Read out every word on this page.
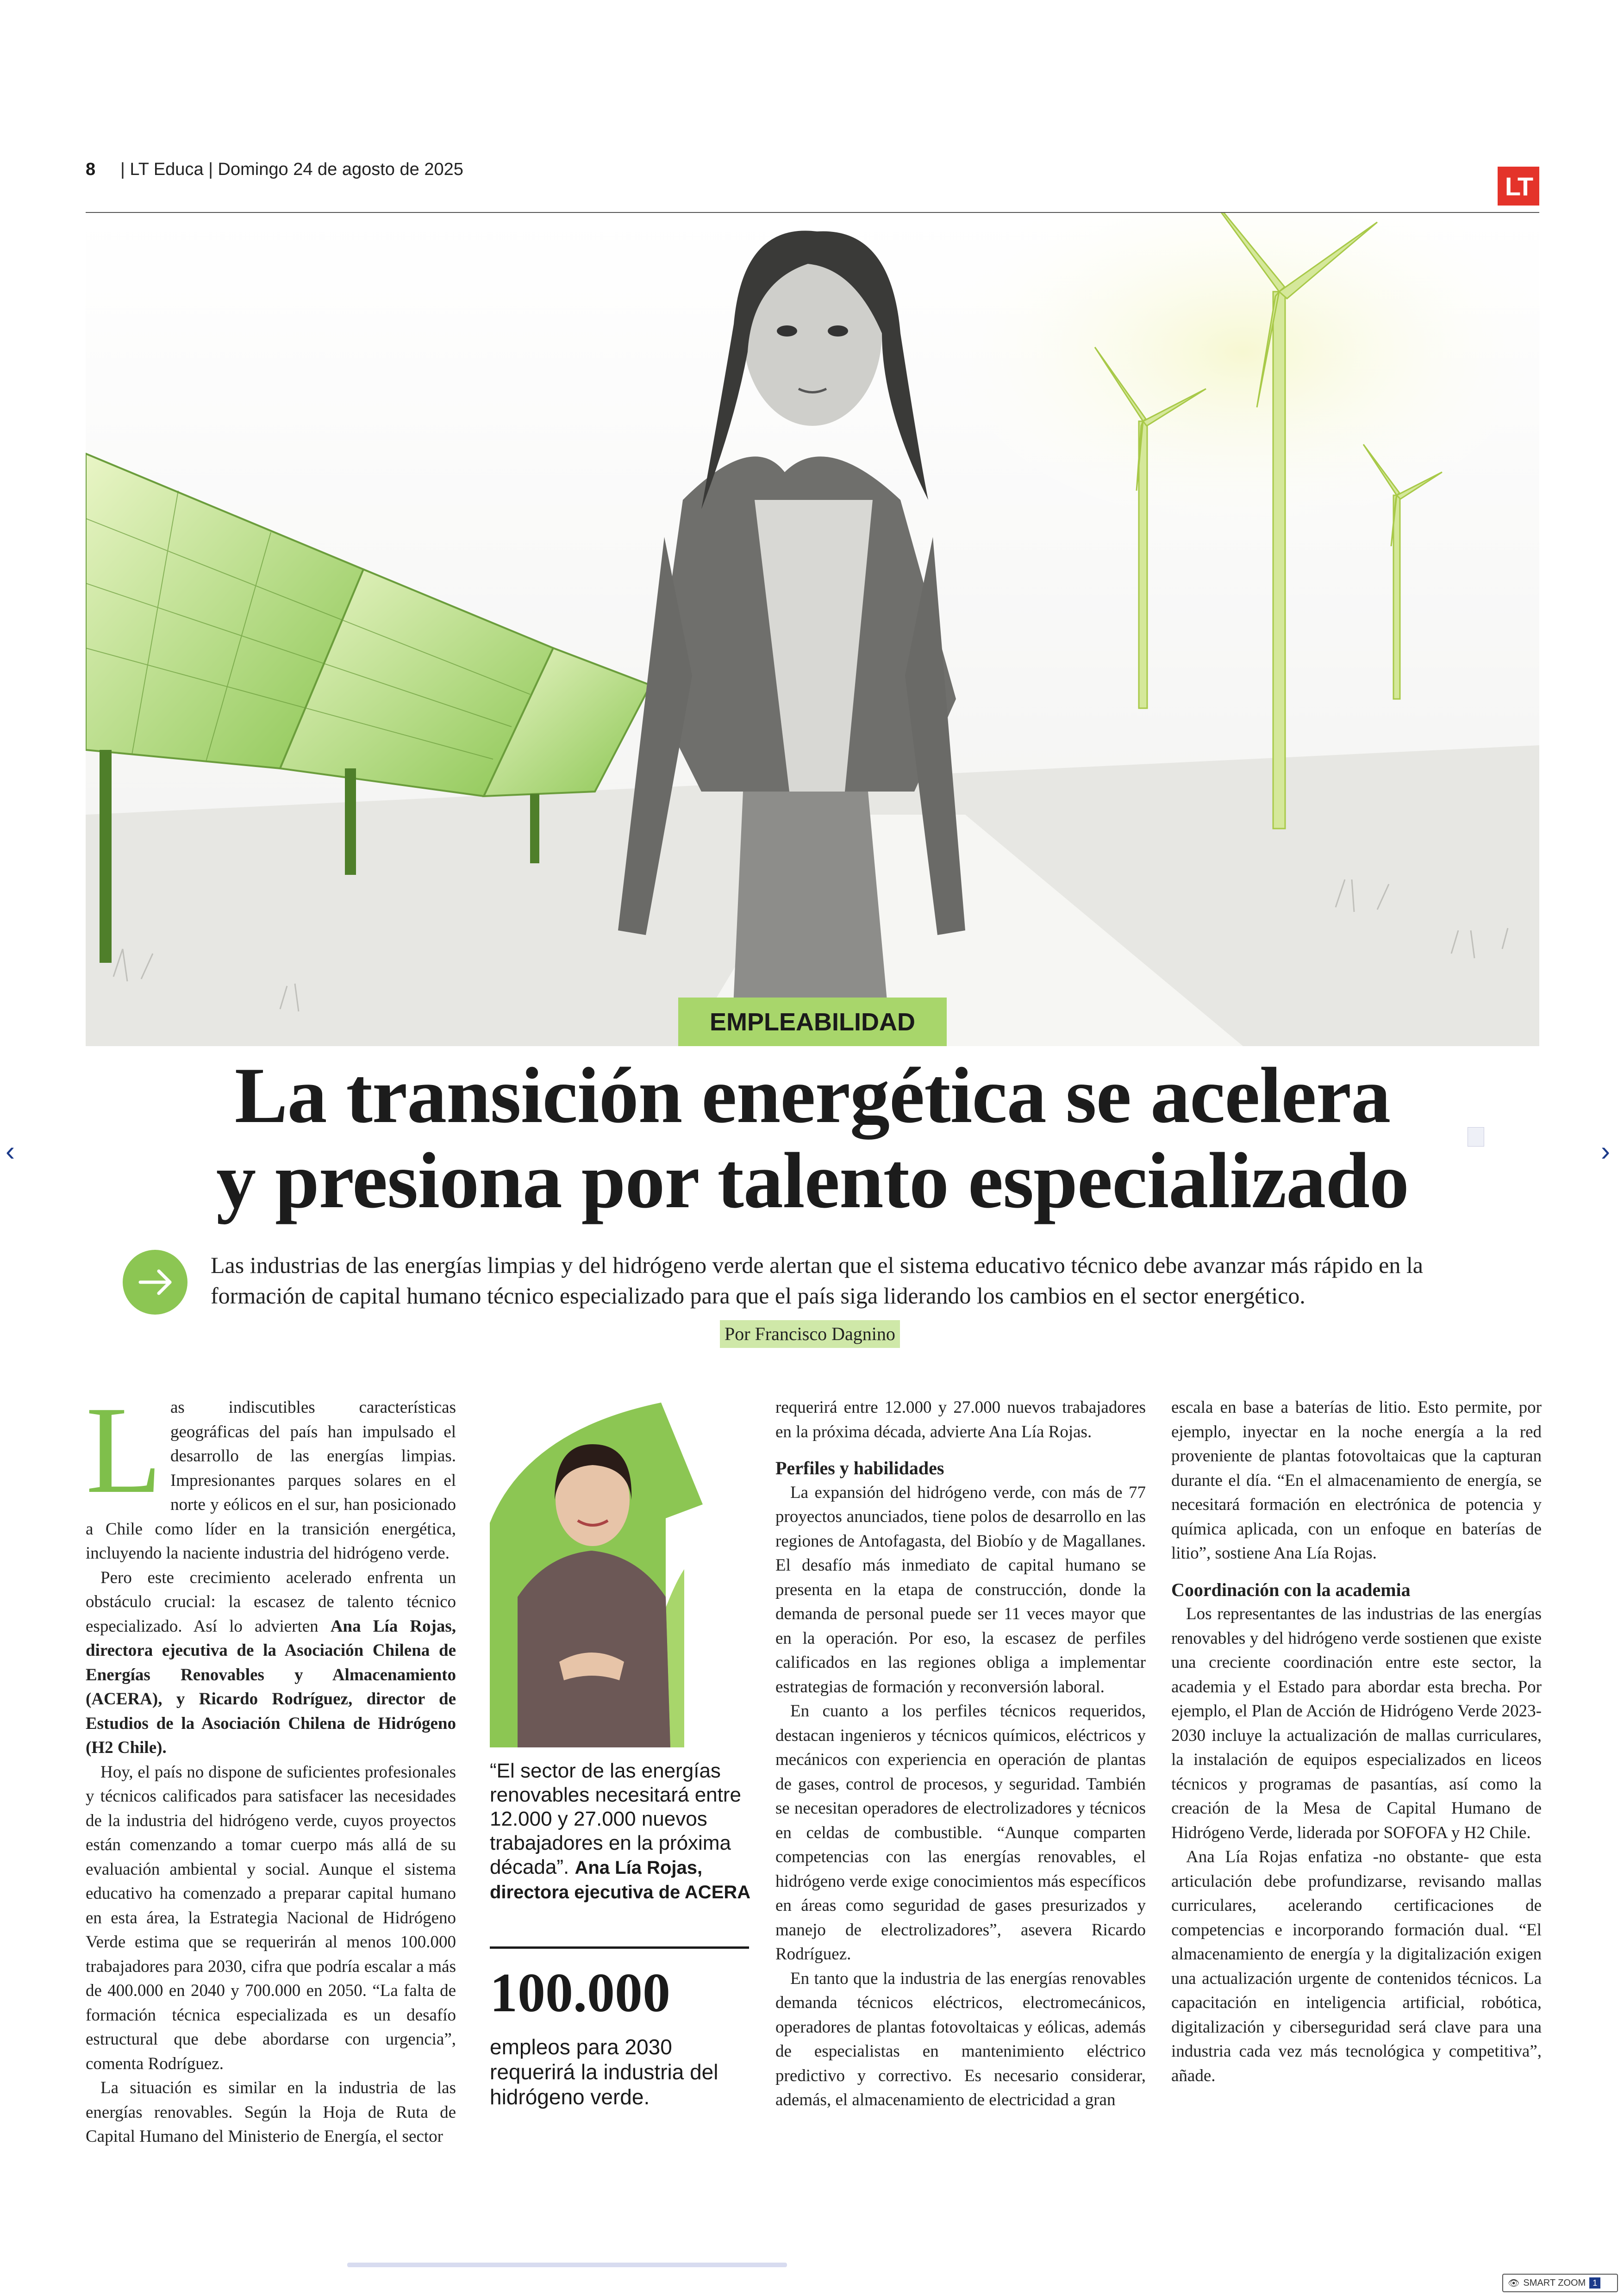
8 | LT Educa | Domingo 24 de agosto de 2025
LT
EMPLEABILIDAD
La transición energética se acelera
y presiona por talento especializado
‹	›
Las industrias de las energías limpias y del hidrógeno verde alertan que el sistema educativo técnico debe avanzar más rápido en la formación de capital humano técnico especializado para que el país siga liderando los cambios en el sector energético.
Por Francisco Dagnino
L as indiscutibles características geográficas del país han impulsado el desarrollo de las energías limpias. Impresionantes parques solares en el norte y eólicos en el sur, han posicionado a Chile como líder en la transición energética, incluyendo la naciente industria del hidrógeno verde.

Pero este crecimiento acelerado enfrenta un obstáculo crucial: la escasez de talento técnico especializado. Así lo advierten Ana Lía Rojas, directora ejecutiva de la Asociación Chilena de Energías Renovables y Almacenamiento (ACERA), y Ricardo Rodríguez, director de Estudios de la Asociación Chilena de Hidrógeno (H2 Chile).

Hoy, el país no dispone de suficientes profesionales y técnicos calificados para satisfacer las necesidades de la industria del hidrógeno verde, cuyos proyectos están comenzando a tomar cuerpo más allá de su evaluación ambiental y social. Aunque el sistema educativo ha comenzado a preparar capital humano en esta área, la Estrategia Nacional de Hidrógeno Verde estima que se requerirán al menos 100.000 trabajadores para 2030, cifra que podría escalar a más de 400.000 en 2040 y 700.000 en 2050. “La falta de formación técnica especializada es un desafío estructural que debe abordarse con urgencia”, comenta Rodríguez.

La situación es similar en la industria de las energías renovables. Según la Hoja de Ruta de Capital Humano del Ministerio de Energía, el sector

“El sector de las energías renovables necesitará entre 12.000 y 27.000 nuevos trabajadores en la próxima década”. Ana Lía Rojas, directora ejecutiva de ACERA
100.000
empleos para 2030 requerirá la industria del hidrógeno verde.

requerirá entre 12.000 y 27.000 nuevos trabajadores en la próxima década, advierte Ana Lía Rojas.

Perfiles y habilidades

La expansión del hidrógeno verde, con más de 77 proyectos anunciados, tiene polos de desarrollo en las regiones de Antofagasta, del Biobío y de Magallanes. El desafío más inmediato de capital humano se presenta en la etapa de construcción, donde la demanda de personal puede ser 11 veces mayor que en la operación. Por eso, la escasez de perfiles calificados en las regiones obliga a implementar estrategias de formación y reconversión laboral.

En cuanto a los perfiles técnicos requeridos, destacan ingenieros y técnicos químicos, eléctricos y mecánicos con experiencia en operación de plantas de gases, control de procesos, y seguridad. También se necesitan operadores de electrolizadores y técnicos en celdas de combustible. “Aunque comparten competencias con las energías renovables, el hidrógeno verde exige conocimientos más específicos en áreas como seguridad de gases presurizados y manejo de electrolizadores”, asevera Ricardo Rodríguez.

En tanto que la industria de las energías renovables demanda técnicos eléctricos, electromecánicos, operadores de plantas fotovoltaicas y eólicas, además de especialistas en mantenimiento eléctrico predictivo y correctivo. Es necesario considerar, además, el almacenamiento de electricidad a gran

escala en base a baterías de litio. Esto permite, por ejemplo, inyectar en la noche energía a la red proveniente de plantas fotovoltaicas que la capturan durante el día. “En el almacenamiento de energía, se necesitará formación en electrónica de potencia y química aplicada, con un enfoque en baterías de litio”, sostiene Ana Lía Rojas.

Coordinación con la academia

Los representantes de las industrias de las energías renovables y del hidrógeno verde sostienen que existe una creciente coordinación entre este sector, la academia y el Estado para abordar esta brecha. Por ejemplo, el Plan de Acción de Hidrógeno Verde 2023-2030 incluye la actualización de mallas curriculares, la instalación de equipos especializados en liceos técnicos y programas de pasantías, así como la creación de la Mesa de Capital Humano de Hidrógeno Verde, liderada por SOFOFA y H2 Chile.

Ana Lía Rojas enfatiza -no obstante- que esta articulación debe profundizarse, revisando mallas curriculares, acelerando certificaciones de competencias e incorporando formación dual. “El almacenamiento de energía y la digitalización exigen una actualización urgente de contenidos técnicos. La capacitación en inteligencia artificial, robótica, digitalización y ciberseguridad será clave para una industria cada vez más tecnológica y competitiva”, añade.

👁 SMART ZOOM 1
